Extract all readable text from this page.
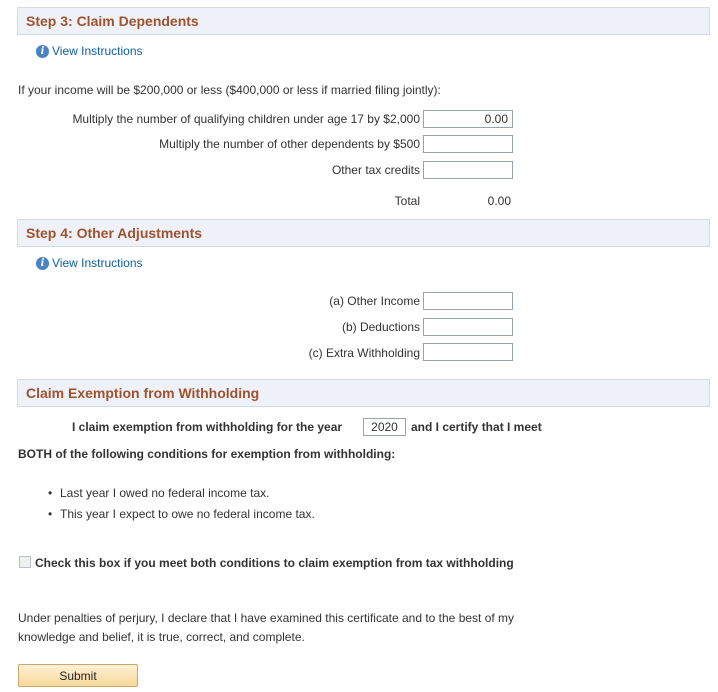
Step 3: Claim Dependents
i View Instructions
If your income will be $200,000 or less ($400,000 or less if married filing jointly):
Multiply the number of qualifying children under age 17 by $2,000
0.00
Multiply the number of other dependents by $500
Other tax credits
Total	0.00
Step 4: Other Adjustments
i View Instructions
(a) Other Income
(b) Deductions
(c) Extra Withholding
Claim Exemption from Withholding
I claim exemption from withholding for the year
2020	and I certify that I meet
BOTH of the following conditions for exemption from withholding:
• Last year I owed no federal income tax.
• This year I expect to owe no federal income tax.
Check this box if you meet both conditions to claim exemption from tax withholding
Under penalties of perjury, I declare that I have examined this certificate and to the best of my
knowledge and belief, it is true, correct, and complete.
Submit
